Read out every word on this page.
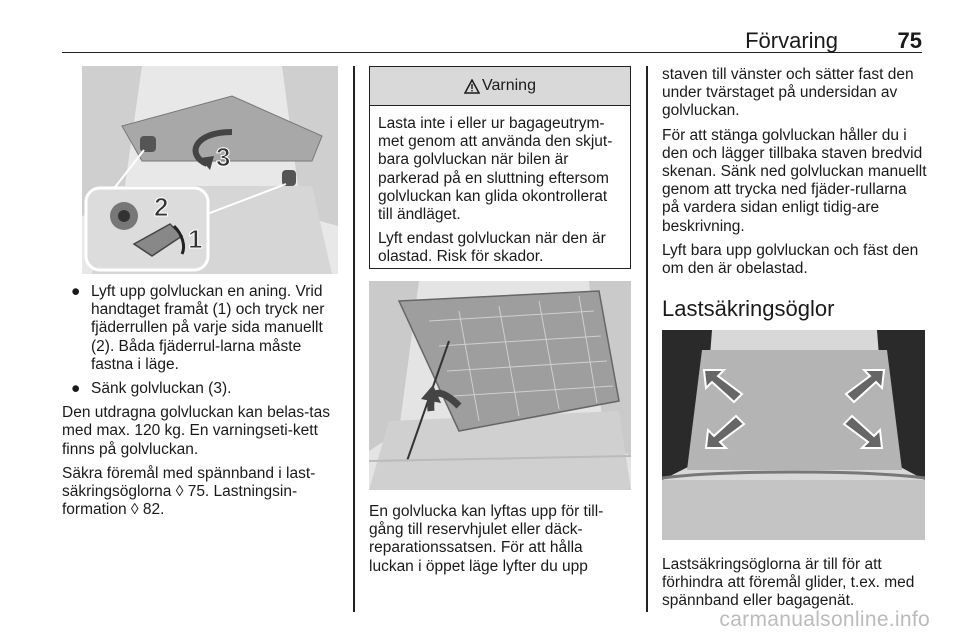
Förvaring	75
3
2
1
● Lyft upp golvluckan en aning. Vrid handtaget framåt (1) och tryck ner fjäderrullen på varje sida manuellt (2). Båda fjäderrul-larna måste fastna i läge.
● Sänk golvluckan (3).

Den utdragna golvluckan kan belas-tas med max. 120 kg. En varningseti-kett finns på golvluckan.

Säkra föremål med spännband i last-säkringsöglorna ◊ 75. Lastningsin-formation ◊ 82.

Varning

Lasta inte i eller ur bagageutrym-met genom att använda den skjut-bara golvluckan när bilen är parkerad på en sluttning eftersom golvluckan kan glida okontrollerat till ändläget.

Lyft endast golvluckan när den är olastad. Risk för skador.

En golvlucka kan lyftas upp för till-gång till reservhjulet eller däck-reparationssatsen. För att hålla luckan i öppet läge lyfter du upp

staven till vänster och sätter fast den under tvärstaget på undersidan av golvluckan.

För att stänga golvluckan håller du i den och lägger tillbaka staven bredvid skenan. Sänk ned golvluckan manuellt genom att trycka ned fjäder-rullarna på vardera sidan enligt tidig-are beskrivning.

Lyft bara upp golvluckan och fäst den om den är obelastad.

Lastsäkringsöglor

Lastsäkringsöglorna är till för att förhindra att föremål glider, t.ex. med spännband eller bagagenät.

carmanualsonline.info
